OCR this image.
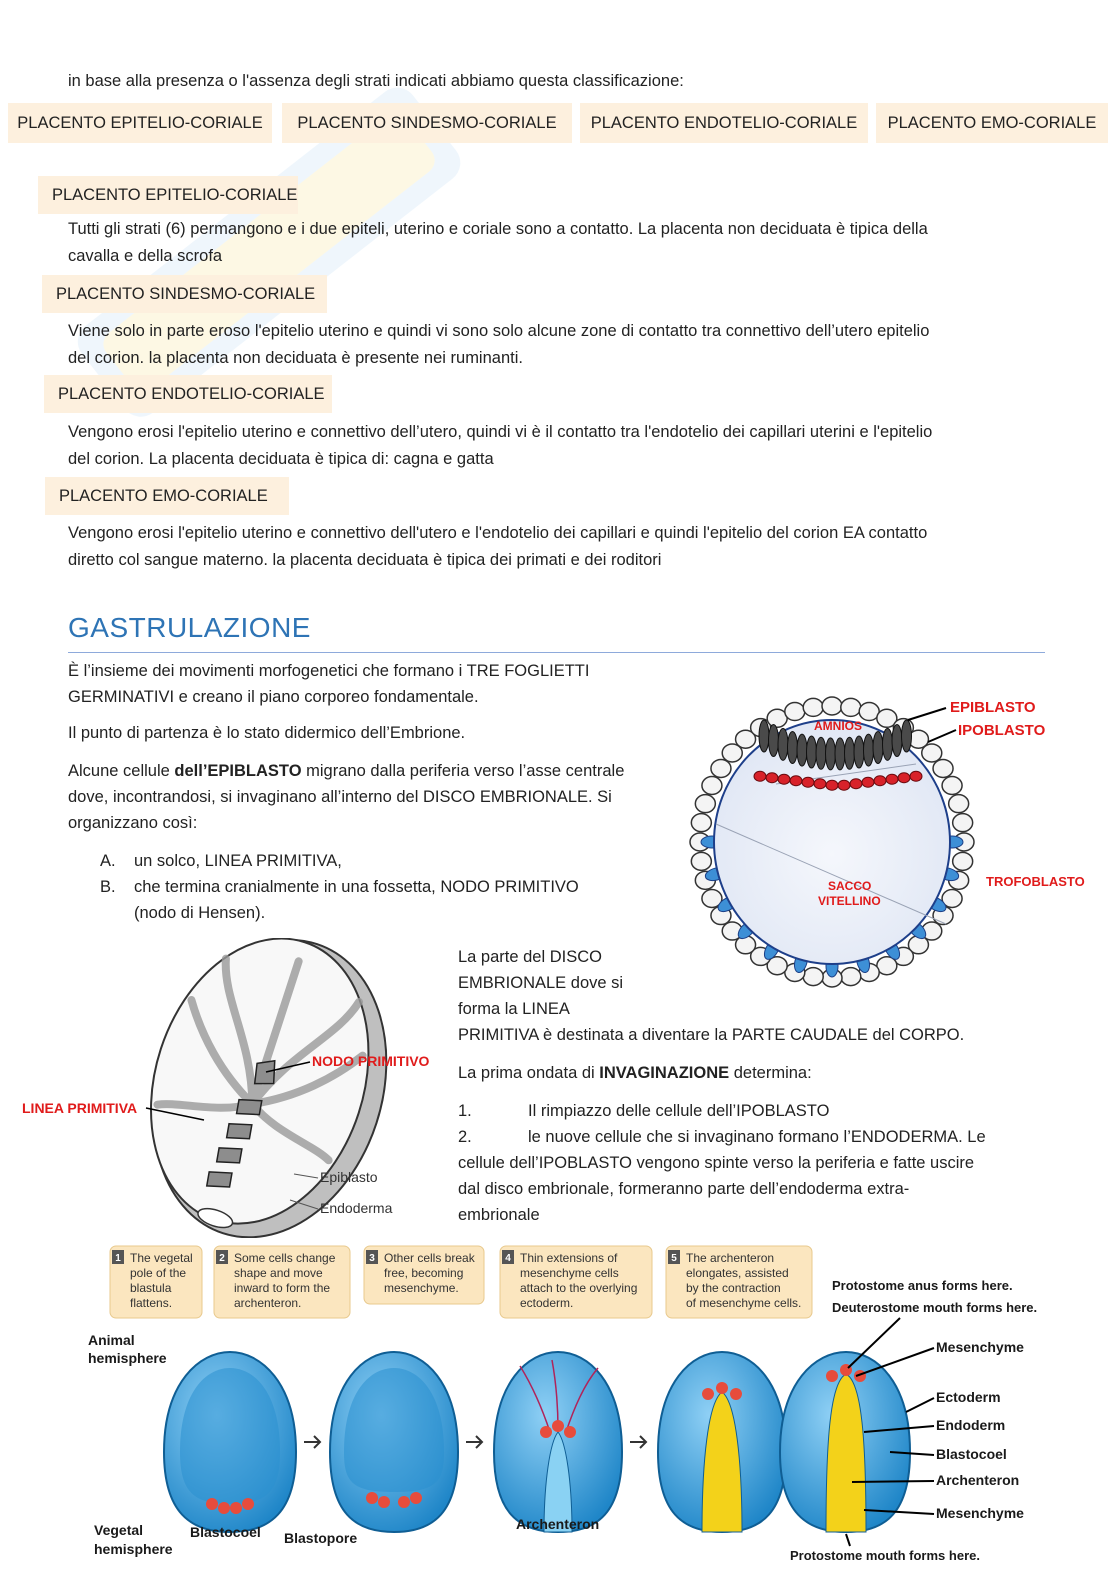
in base alla presenza o l'assenza degli strati indicati abbiamo questa classificazione:
PLACENTO EPITELIO-CORIALE	PLACENTO SINDESMO-CORIALE	PLACENTO ENDOTELIO-CORIALE	PLACENTO EMO-CORIALE
PLACENTO EPITELIO-CORIALE
Tutti gli strati (6) permangono e i due epiteli, uterino e coriale sono a contatto. La placenta non deciduata è tipica della
cavalla e della scrofa
PLACENTO SINDESMO-CORIALE
Viene solo in parte eroso l'epitelio uterino e quindi vi sono solo alcune zone di contatto tra connettivo dell’utero epitelio
del corion. la placenta non deciduata è presente nei ruminanti.
PLACENTO ENDOTELIO-CORIALE
Vengono erosi l'epitelio uterino e connettivo dell’utero, quindi vi è il contatto tra l'endotelio dei capillari uterini e l'epitelio
del corion. La placenta deciduata è tipica di: cagna e gatta
PLACENTO EMO-CORIALE
Vengono erosi l'epitelio uterino e connettivo dell'utero e l'endotelio dei capillari e quindi l'epitelio del corion EA contatto
diretto col sangue materno. la placenta deciduata è tipica dei primati e dei roditori
GASTRULAZIONE
È l’insieme dei movimenti morfogenetici che formano i TRE FOGLIETTI
GERMINATIVI e creano il piano corporeo fondamentale.
Il punto di partenza è lo stato didermico dell’Embrione.
Alcune cellule dell’EPIBLASTO migrano dalla periferia verso l’asse centrale
dove, incontrandosi, si invaginano all’interno del DISCO EMBRIONALE. Si
organizzano così:
A. un solco, LINEA PRIMITIVA,
B. che termina cranialmente in una fossetta, NODO PRIMITIVO
(nodo di Hensen).
La parte del DISCO
EMBRIONALE dove si
forma la LINEA
PRIMITIVA è destinata a diventare la PARTE CAUDALE del CORPO.
La prima ondata di INVAGINAZIONE determina:
1.	Il rimpiazzo delle cellule dell’IPOBLASTO
2.	le nuove cellule che si invaginano formano l’ENDODERMA. Le
cellule dell’IPOBLASTO vengono spinte verso la periferia e fatte uscire
dal disco embrionale, formeranno parte dell’endoderma extra-
embrionale
AMNIOS
EPIBLASTO
IPOBLASTO
SACCO
VITELLINO
TROFOBLASTO
NODO PRIMITIVO
LINEA PRIMITIVA
Epiblasto
Endoderma
1 The vegetal
pole of the
blastula
flattens.
2 Some cells change
shape and move
inward to form the
archenteron.
3 Other cells break
free, becoming
mesenchyme.
4 Thin extensions of
mesenchyme cells
attach to the overlying
ectoderm.
5 The archenteron
elongates, assisted
by the contraction
of mesenchyme cells.
Protostome anus forms here.
Deuterostome mouth forms here.
Animal
hemisphere
Blastocoel Blastopore
Archenteron
Vegetal
hemisphere
Mesenchyme
Ectoderm
Endoderm
Blastocoel
Archenteron
Mesenchyme
Protostome mouth forms here.
